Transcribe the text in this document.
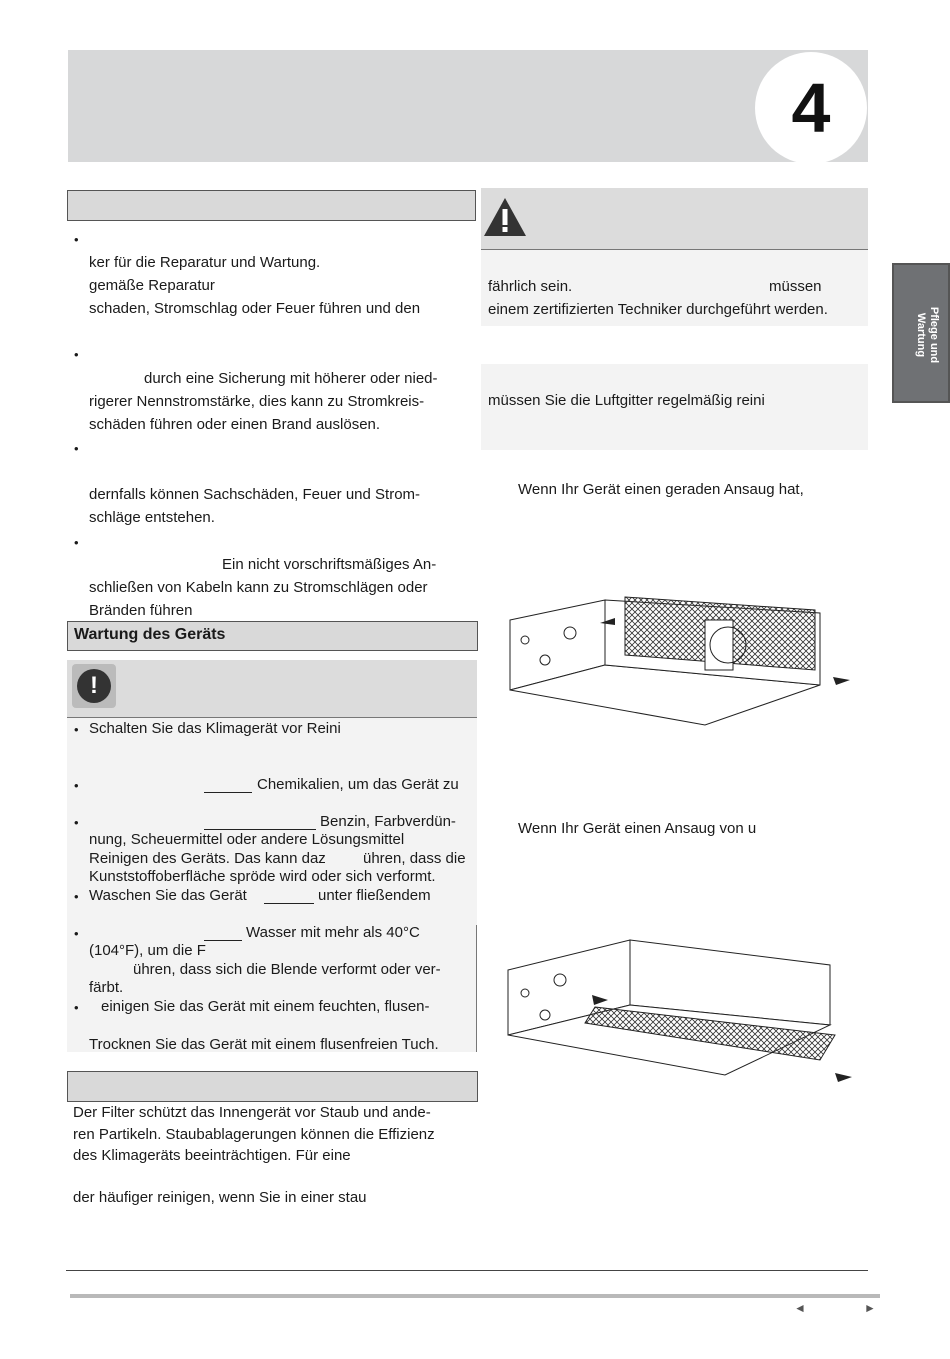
4
Pflege und
Wartung
•
ker für die Reparatur und Wartung.
gemäße Reparatur
schaden, Stromschlag oder Feuer führen und den
•
durch eine Sicherung mit höherer oder nied-
rigerer Nennstromstärke, dies kann zu Stromkreis-
schäden führen oder einen Brand auslösen.
•
dernfalls können Sachschäden, Feuer und Strom-
schläge entstehen.
•
Ein nicht vorschriftsmäßiges An-
schließen von Kabeln kann zu Stromschlägen oder
Bränden führen
Wartung des Geräts
!
• Schalten Sie das Klimagerät vor Reini
•	Chemikalien, um das Gerät zu
•	Benzin, Farbverdün-
nung, Scheuermittel oder andere Lösungsmittel
Reinigen des Geräts. Das kann daz ühren, dass die
Kunststoffoberfläche spröde wird oder sich verformt.
• Waschen Sie das Gerät	unter fließendem
•	Wasser mit mehr als 40°C
(104°F), um die F
ühren, dass sich die Blende verformt oder ver-
färbt.
• einigen Sie das Gerät mit einem feuchten, flusen-
Trocknen Sie das Gerät mit einem flusenfreien Tuch.
Der Filter schützt das Innengerät vor Staub und ande-
ren Partikeln. Staubablagerungen können die Effizienz
des Klimageräts beeinträchtigen. Für eine
der häufiger reinigen, wenn Sie in einer stau
fährlich sein.	müssen
einem zertifizierten Techniker durchgeführt werden.
müssen Sie die Luftgitter regelmäßig reini
Wenn Ihr Gerät einen geraden Ansaug hat,
Wenn Ihr Gerät einen Ansaug von u
◄	►
